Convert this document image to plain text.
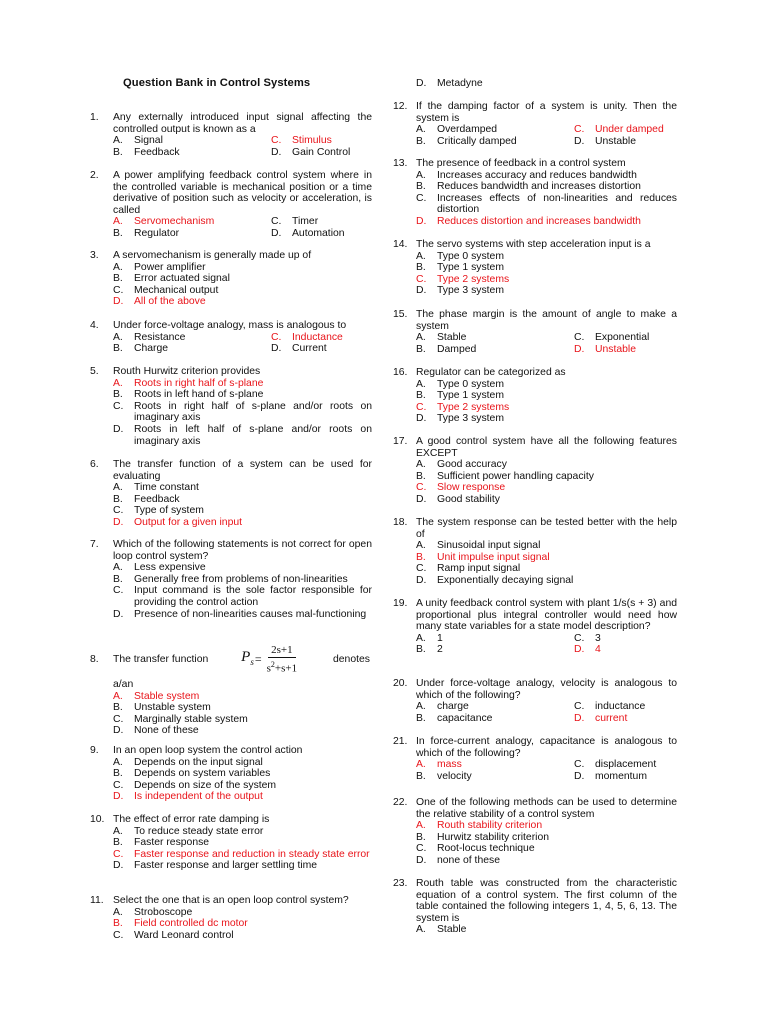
Question Bank in Control Systems
1.	Any externally introduced input signal affecting the controlled output is known as a
A.	Signal	C.	Stimulus
B.	Feedback	D.	Gain Control
2.	A power amplifying feedback control system where in the controlled variable is mechanical position or a time derivative of position such as velocity or acceleration, is called
A.	Servomechanism	C.	Timer
B.	Regulator	D.	Automation
3.	A servomechanism is generally made up of
A.	Power amplifier
B.	Error actuated signal
C.	Mechanical output
D.	All of the above
4.	Under force-voltage analogy, mass is analogous to
A.	Resistance	C.	Inductance
B.	Charge	D.	Current
5.	Routh Hurwitz criterion provides
A.	Roots in right half of s-plane
B.	Roots in left hand of s-plane
C.	Roots in right half of s-plane and/or roots on imaginary axis
D.	Roots in left half of s-plane and/or roots on imaginary axis
6.	The transfer function of a system can be used for evaluating
A.	Time constant
B.	Feedback
C.	Type of system
D.	Output for a given input
7.	Which of the following statements is not correct for open loop control system?
A.	Less expensive
B.	Generally free from problems of non-linearities
C.	Input command is the sole factor responsible for providing the control action
D.	Presence of non-linearities causes mal-functioning
8.	The transfer function $P_s = \frac{2s+1}{s^2+s+1}$	denotes
a/an
A.	Stable system
B.	Unstable system
C.	Marginally stable system
D.	None of these
9.	In an open loop system the control action
A.	Depends on the input signal
B.	Depends on system variables
C.	Depends on size of the system
D.	Is independent of the output
10. The effect of error rate damping is
A.	To reduce steady state error
B.	Faster response
C.	Faster response and reduction in steady state error
D.	Faster response and larger settling time
11. Select the one that is an open loop control system?
A.	Stroboscope
B.	Field controlled dc motor
C.	Ward Leonard control
D.	Metadyne
12. If the damping factor of a system is unity. Then the system is
A.	Overdamped	C.	Under damped
B.	Critically damped	D.	Unstable
13. The presence of feedback in a control system
A.	Increases accuracy and reduces bandwidth
B.	Reduces bandwidth and increases distortion
C.	Increases effects of non-linearities and reduces distortion
D.	Reduces distortion and increases bandwidth
14. The servo systems with step acceleration input is a
A.	Type 0 system
B.	Type 1 system
C.	Type 2 systems
D.	Type 3 system
15. The phase margin is the amount of angle to make a system
A.	Stable	C.	Exponential
B.	Damped	D.	Unstable
16. Regulator can be categorized as
A.	Type 0 system
B.	Type 1 system
C.	Type 2 systems
D.	Type 3 system
17. A good control system have all the following features EXCEPT
A.	Good accuracy
B.	Sufficient power handling capacity
C.	Slow response
D.	Good stability
18. The system response can be tested better with the help of
A.	Sinusoidal input signal
B.	Unit impulse input signal
C.	Ramp input signal
D.	Exponentially decaying signal
19. A unity feedback control system with plant 1/s(s + 3) and proportional plus integral controller would need how many state variables for a state model description?
A.	1	C.	3
B.	2	D.	4
20. Under force-voltage analogy, velocity is analogous to which of the following?
A.	charge	C.	inductance
B.	capacitance	D.	current
21. In force-current analogy, capacitance is analogous to which of the following?
A.	mass	C.	displacement
B.	velocity	D.	momentum
22. One of the following methods can be used to determine the relative stability of a control system
A.	Routh stability criterion
B.	Hurwitz stability criterion
C.	Root-locus technique
D.	none of these
23. Routh table was constructed from the characteristic equation of a control system. The first column of the table contained the following integers 1, 4, 5, 6, 13. The system is
A.	Stable
